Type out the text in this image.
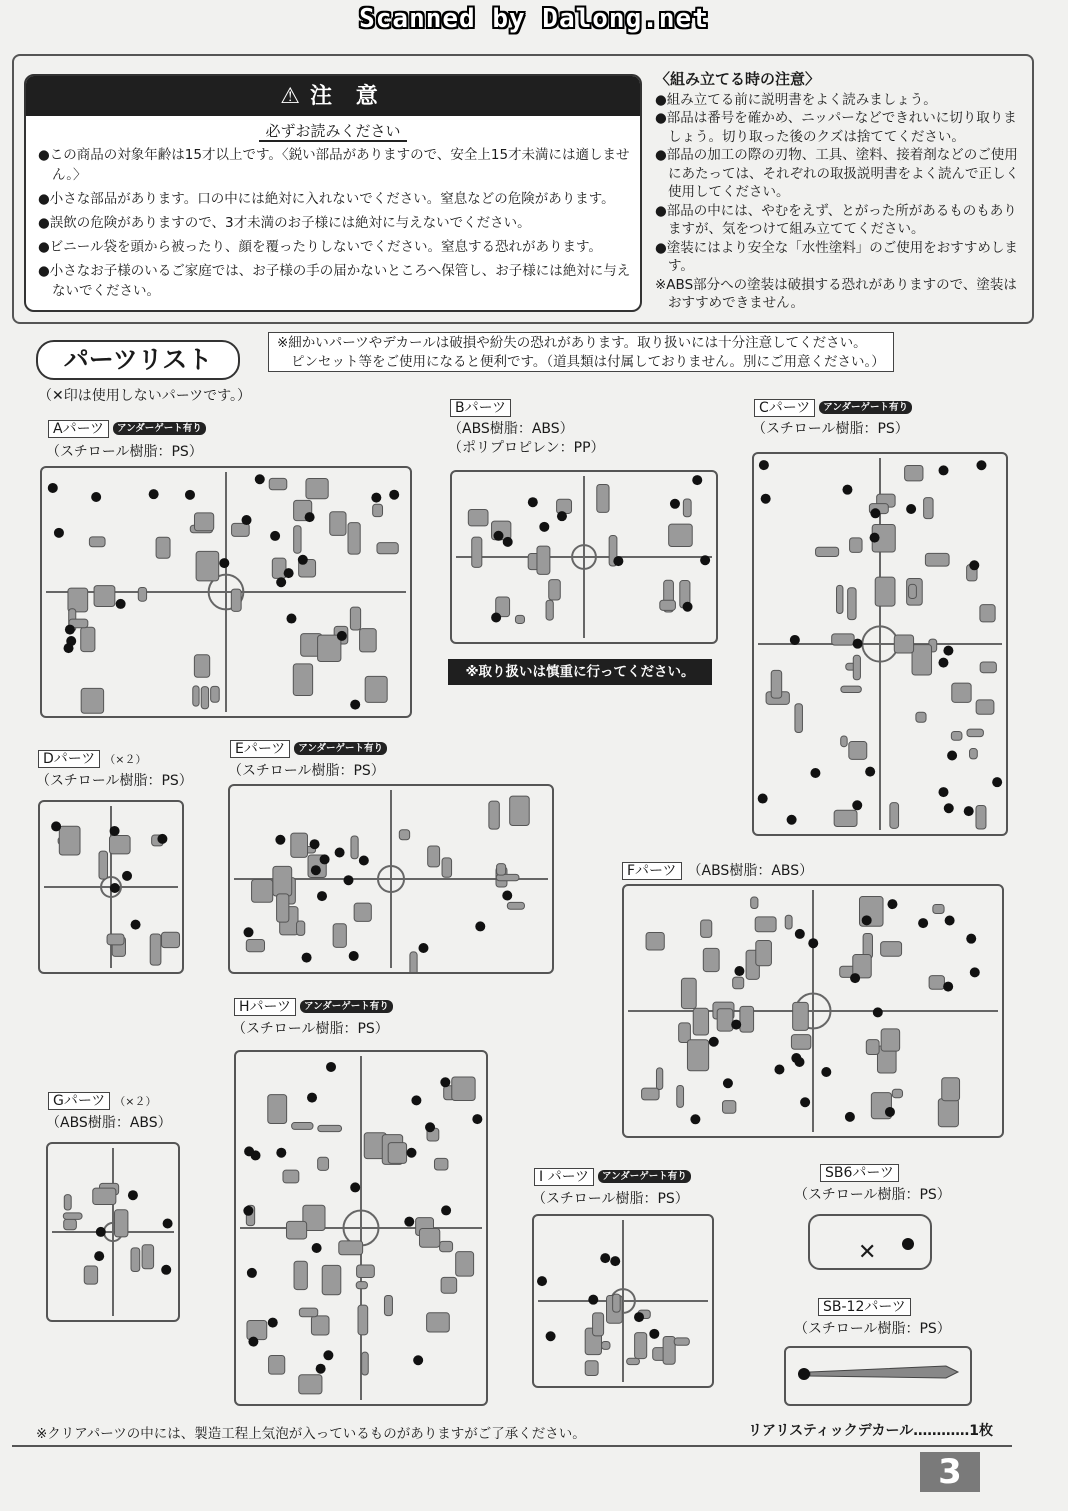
Scanned by Dalong.net
⚠ 注 意
必ずお読みください
● この商品の対象年齢は15才以上です。〈鋭い部品がありますので、安全上15才未満には適しません。〉
● 小さな部品があります。口の中には絶対に入れないでください。窒息などの危険があります。
● 誤飲の危険がありますので、3才未満のお子様には絶対に与えないでください。
● ビニール袋を頭から被ったり、顔を覆ったりしないでください。窒息する恐れがあります。
● 小さなお子様のいるご家庭では、お子様の手の届かないところへ保管し、お子様には絶対に与えないでください。
〈組み立てる時の注意〉
● 組み立てる前に説明書をよく読みましょう。
● 部品は番号を確かめ、ニッパーなどできれいに切り取りましょう。切り取った後のクズは捨ててください。
● 部品の加工の際の刃物、工具、塗料、接着剤などのご使用にあたっては、それぞれの取扱説明書をよく読んで正しく使用してください。
● 部品の中には、やむをえず、とがった所があるものもありますが、気をつけて組み立ててください。
● 塗装にはより安全な「水性塗料」のご使用をおすすめします。
※ABS部分への塗装は破損する恐れがありますので、塗装はおすすめできません。
パーツリスト
※細かいパーツやデカールは破損や紛失の恐れがあります。取り扱いには十分注意してください。
ピンセット等をご使用になると便利です。（道具類は付属しておりません。別にご用意ください。）
（✕印は使用しないパーツです。）
Aパーツ アンダーゲート有り
（スチロール樹脂：PS）
Bパーツ
（ABS樹脂：ABS）
（ポリプロピレン：PP）
※取り扱いは慎重に行ってください。
Cパーツ アンダーゲート有り
（スチロール樹脂：PS）
Dパーツ （×２）
（スチロール樹脂：PS）
Eパーツ アンダーゲート有り
（スチロール樹脂：PS）
Fパーツ （ABS樹脂：ABS）
Gパーツ （×２）
（ABS樹脂：ABS）
Hパーツ アンダーゲート有り
（スチロール樹脂：PS）
I パーツ アンダーゲート有り
（スチロール樹脂：PS）
SB6パーツ
（スチロール樹脂：PS）
✕
SB-12パーツ
（スチロール樹脂：PS）
※クリアパーツの中には、製造工程上気泡が入っているものがありますがご了承ください。	リアリスティックデカール…………1枚
3
